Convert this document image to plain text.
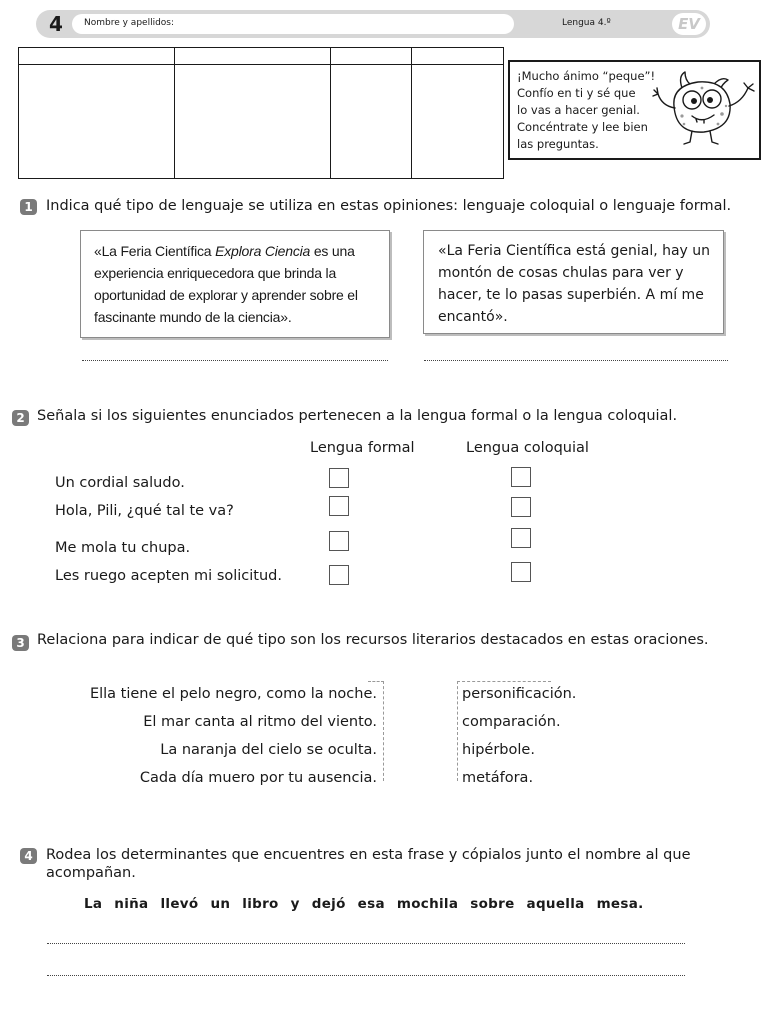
4	Nombre y apellidos:	Lengua 4.º	EV
¡Mucho ánimo “peque”!
Confío en ti y sé que
lo vas a hacer genial.
Concéntrate y lee bien
las preguntas.
1 Indica qué tipo de lenguaje se utiliza en estas opiniones: lenguaje coloquial o lenguaje formal.
«La Feria Científica Explora Ciencia es una experiencia enriquecedora que brinda la oportunidad de explorar y aprender sobre el fascinante mundo de la ciencia».
«La Feria Científica está genial, hay un montón de cosas chulas para ver y hacer, te lo pasas superbién. A mí me encantó».
2 Señala si los siguientes enunciados pertenecen a la lengua formal o la lengua coloquial.
Lengua formal	Lengua coloquial
Un cordial saludo.
Hola, Pili, ¿qué tal te va?
Me mola tu chupa.
Les ruego acepten mi solicitud.
3 Relaciona para indicar de qué tipo son los recursos literarios destacados en estas oraciones.
Ella tiene el pelo negro, como la noche.
El mar canta al ritmo del viento.
La naranja del cielo se oculta.
Cada día muero por tu ausencia.
personificación.
comparación.
hipérbole.
metáfora.
4 Rodea los determinantes que encuentres en esta frase y cópialos junto el nombre al que
acompañan.
La niña llevó un libro y dejó esa mochila sobre aquella mesa.
